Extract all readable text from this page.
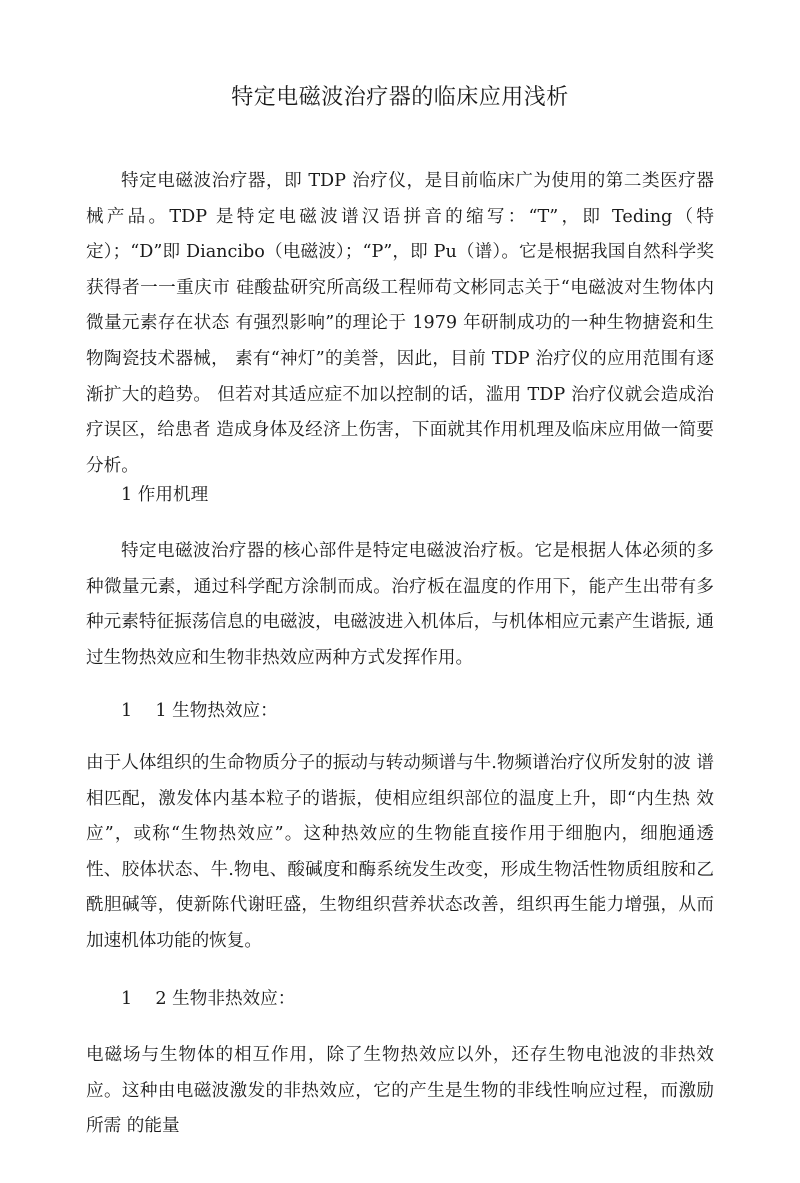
特定电磁波治疗器的临床应用浅析

特定电磁波治疗器，即 TDP 治疗仪，是目前临床广为使用的第二类医疗器 械产品。TDP 是特定电磁波谱汉语拼音的缩写：“T”，即 Teding（特定）；“D”即 Diancibo（电磁波）；“P”，即 Pu（谱）。它是根据我国自然科学奖获得者一一重庆市 硅酸盐研究所高级工程师苟文彬同志关于“电磁波对生物体内微量元素存在状态 有强烈影响”的理论于 1979 年研制成功的一种生物搪瓷和生物陶瓷技术器械， 素有“神灯”的美誉，因此，目前 TDP 治疗仪的应用范围有逐渐扩大的趋势。 但若对其适应症不加以控制的话，滥用 TDP 治疗仪就会造成治疗误区，给患者 造成身体及经济上伤害，下面就其作用机理及临床应用做一简要分析。

1 作用机理

特定电磁波治疗器的核心部件是特定电磁波治疗板。它是根据人体必须的多 种微量元素，通过科学配方涂制而成。治疗板在温度的作用下，能产生出带有多 种元素特征振荡信息的电磁波，电磁波进入机体后，与机体相应元素产生谐振, 通过生物热效应和生物非热效应两种方式发挥作用。

1　 1 生物热效应：

由于人体组织的生命物质分子的振动与转动频谱与牛.物频谱治疗仪所发射的波 谱相匹配，激发体内基本粒子的谐振，使相应组织部位的温度上升，即“内生热 效应”，或称“生物热效应”。这种热效应的生物能直接作用于细胞内，细胞通透 性、胶体状态、牛.物电、酸碱度和酶系统发生改变，形成生物活性物质组胺和乙 酰胆碱等，使新陈代谢旺盛，生物组织营养状态改善，组织再生能力增强，从而 加速机体功能的恢复。

1　 2 生物非热效应：

电磁场与生物体的相互作用，除了生物热效应以外，还存生物电池波的非热效应。这种由电磁波激发的非热效应，它的产生是生物的非线性响应过程，而激励所需 的能量
